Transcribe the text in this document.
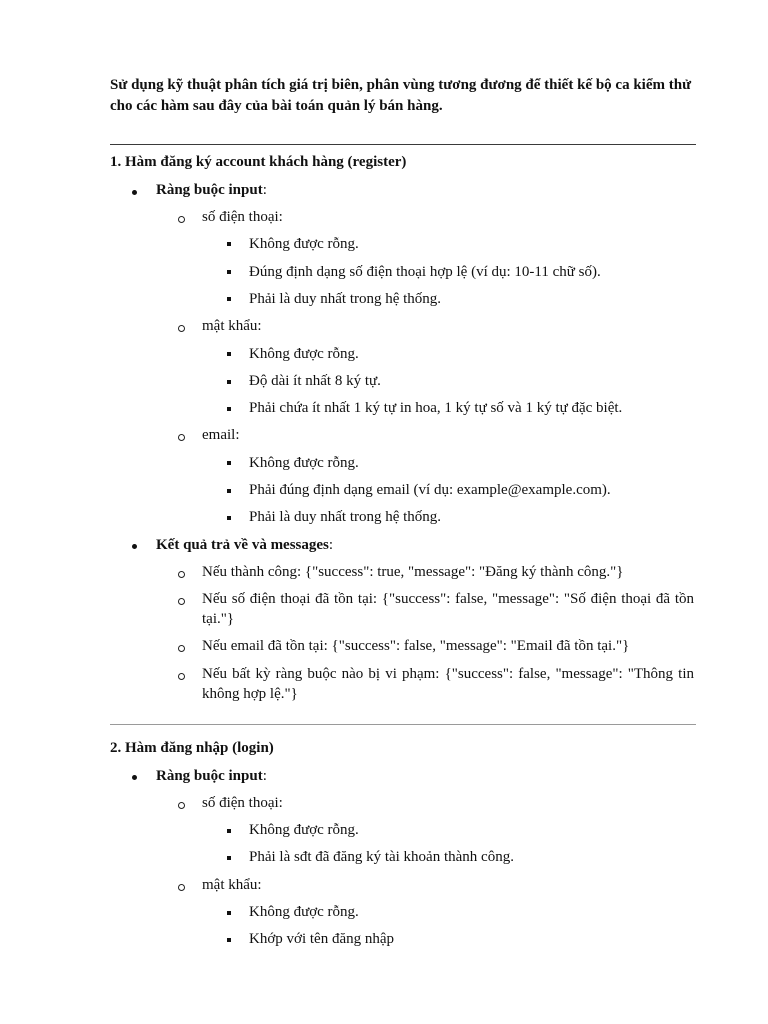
Sử dụng kỹ thuật phân tích giá trị biên, phân vùng tương đương để thiết kế bộ ca kiểm thử cho các hàm sau đây của bài toán quản lý bán hàng.
1. Hàm đăng ký account khách hàng (register)
Ràng buộc input:
số điện thoại:
Không được rỗng.
Đúng định dạng số điện thoại hợp lệ (ví dụ: 10-11 chữ số).
Phải là duy nhất trong hệ thống.
mật khẩu:
Không được rỗng.
Độ dài ít nhất 8 ký tự.
Phải chứa ít nhất 1 ký tự in hoa, 1 ký tự số và 1 ký tự đặc biệt.
email:
Không được rỗng.
Phải đúng định dạng email (ví dụ: example@example.com).
Phải là duy nhất trong hệ thống.
Kết quả trả về và messages:
Nếu thành công: {"success": true, "message": "Đăng ký thành công."}
Nếu số điện thoại đã tồn tại: {"success": false, "message": "Số điện thoại đã tồn tại."}
Nếu email đã tồn tại: {"success": false, "message": "Email đã tồn tại."}
Nếu bất kỳ ràng buộc nào bị vi phạm: {"success": false, "message": "Thông tin không hợp lệ."}
2. Hàm đăng nhập (login)
Ràng buộc input:
số điện thoại:
Không được rỗng.
Phải là sđt đã đăng ký tài khoản thành công.
mật khẩu:
Không được rỗng.
Khớp với tên đăng nhập
